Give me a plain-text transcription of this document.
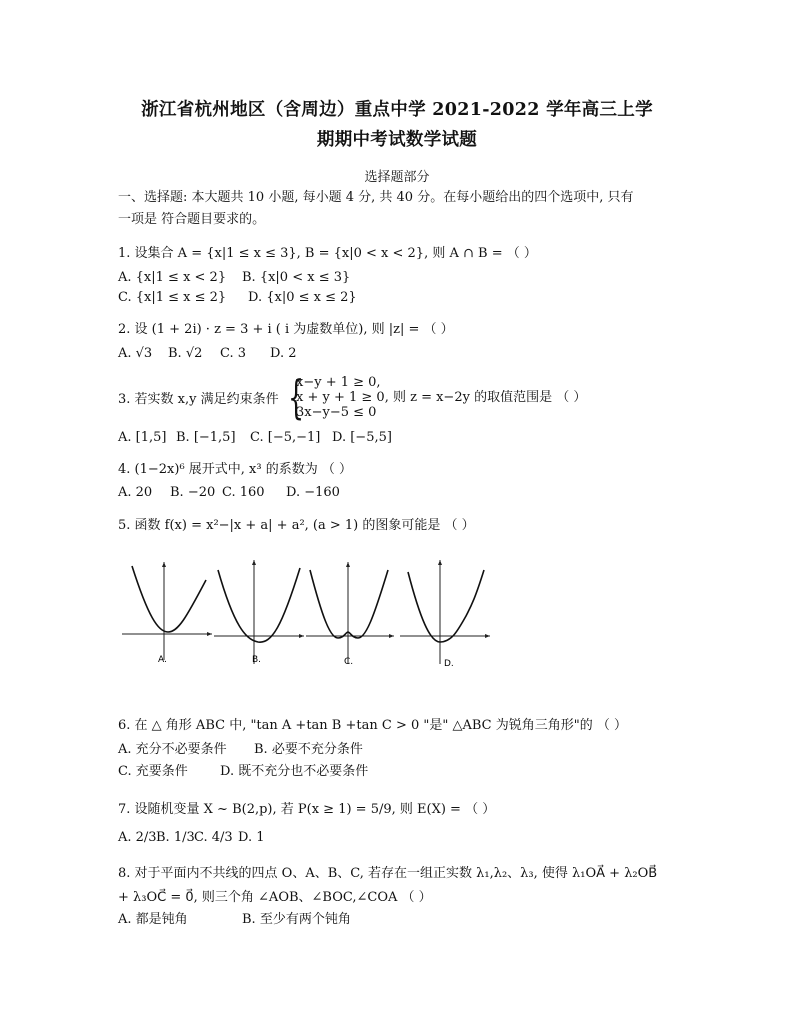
浙江省杭州地区（含周边）重点中学 2021-2022 学年高三上学
期期中考试数学试题
选择题部分
一、选择题: 本大题共 10 小题, 每小题 4 分, 共 40 分。在每小题给出的四个选项中, 只有
一项是 符合题目要求的。
1. 设集合 A = {x|1 ≤ x ≤ 3}, B = {x|0 < x < 2}, 则 A ∩ B = （ ）
A. {x|1 ≤ x < 2} B. {x|0 < x ≤ 3}
C. {x|1 ≤ x ≤ 2} D. {x|0 ≤ x ≤ 2}
2. 设 (1 + 2i) · z = 3 + i ( i 为虚数单位), 则 |z| = （ ）
A. √3 B. √2 C. 3 D. 2
3. 若实数 x,y 满足约束条件 {
x−y + 1 ≥ 0,
x + y + 1 ≥ 0, 则 z = x−2y 的取值范围是 （ ）
3x−y−5 ≤ 0
A. [1,5] B. [−1,5] C. [−5,−1] D. [−5,5]
4. (1−2x)⁶ 展开式中, x³ 的系数为 （ ）
A. 20 B. −20 C. 160 D. −160
5. 函数 f(x) = x²−|x + a| + a², (a > 1) 的图象可能是 （ ）
A.	B.	C.	D.
6. 在 △ 角形 ABC 中, "tan A +tan B +tan C > 0 "是" △ABC 为锐角三角形"的 （ ）
A. 充分不必要条件 B. 必要不充分条件
C. 充要条件 D. 既不充分也不必要条件
7. 设随机变量 X ~ B(2,p), 若 P(x ≥ 1) = 5/9, 则 E(X) = （ ）
A. 2/3B. 1/3C. 4/3 D. 1
8. 对于平面内不共线的四点 O、A、B、C, 若存在一组正实数 λ₁,λ₂、λ₃, 使得 λ₁OA⃗ + λ₂OB⃗
+ λ₃OC⃗ = 0⃗, 则三个角 ∠AOB、∠BOC,∠COA （ ）
A. 都是钝角	B. 至少有两个钝角
